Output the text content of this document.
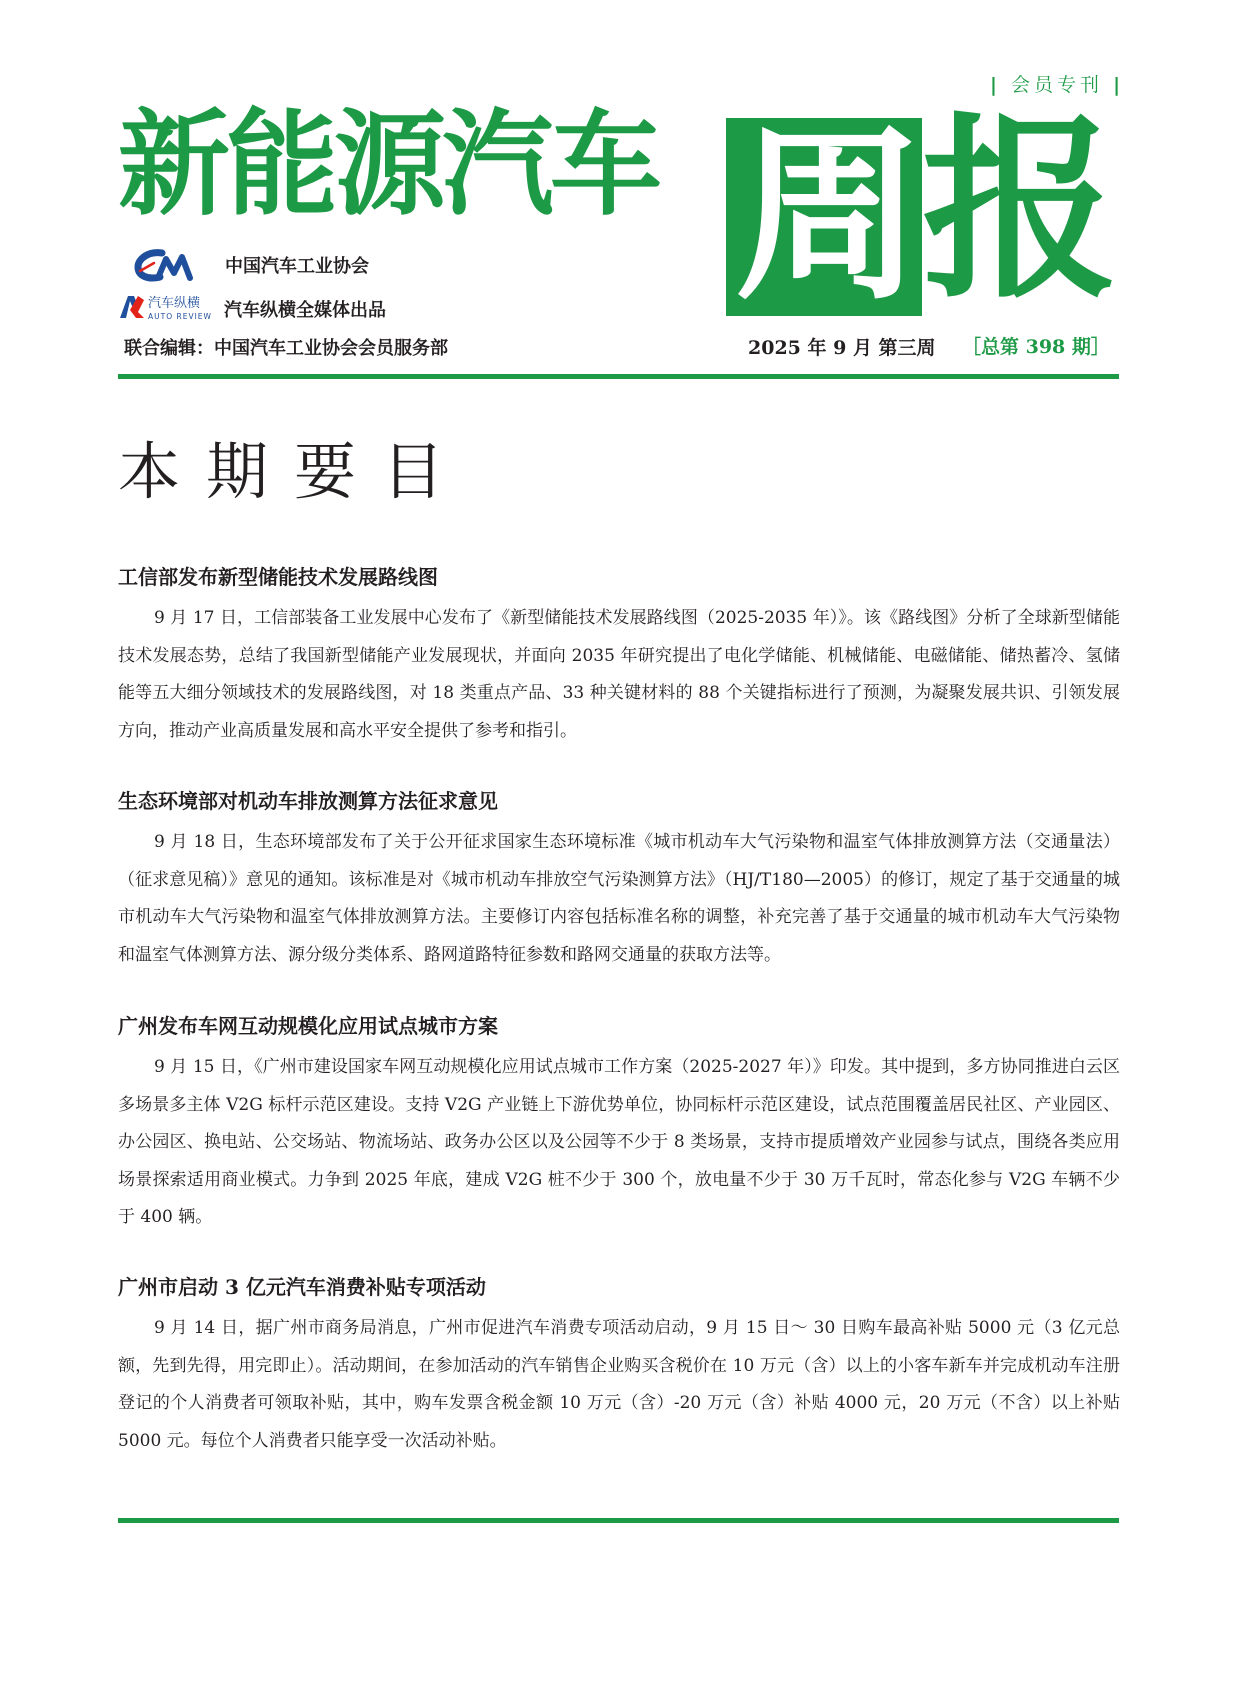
| 会员专刊 |
新能源汽车 周 报
中国汽车工业协会
汽车纵横
AUTO REVIEW 汽车纵横全媒体出品
联合编辑：中国汽车工业协会会员服务部	2025 年 9 月 第三周 ［总第 398 期］
本期要目
工信部发布新型储能技术发展路线图

9 月 17 日，工信部装备工业发展中心发布了《新型储能技术发展路线图（2025-2035 年）》。该《路线图》分析了全球新型储能技术发展态势，总结了我国新型储能产业发展现状，并面向 2035 年研究提出了电化学储能、机械储能、电磁储能、储热蓄冷、氢储能等五大细分领域技术的发展路线图，对 18 类重点产品、33 种关键材料的 88 个关键指标进行了预测，为凝聚发展共识、引领发展方向，推动产业高质量发展和高水平安全提供了参考和指引。

生态环境部对机动车排放测算方法征求意见

9 月 18 日，生态环境部发布了关于公开征求国家生态环境标准《城市机动车大气污染物和温室气体排放测算方法（交通量法）（征求意见稿）》意见的通知。该标准是对《城市机动车排放空气污染测算方法》（HJ/T180—2005）的修订，规定了基于交通量的城市机动车大气污染物和温室气体排放测算方法。主要修订内容包括标准名称的调整，补充完善了基于交通量的城市机动车大气污染物和温室气体测算方法、源分级分类体系、路网道路特征参数和路网交通量的获取方法等。

广州发布车网互动规模化应用试点城市方案

9 月 15 日，《广州市建设国家车网互动规模化应用试点城市工作方案（2025-2027 年）》印发。其中提到，多方协同推进白云区多场景多主体 V2G 标杆示范区建设。支持 V2G 产业链上下游优势单位，协同标杆示范区建设，试点范围覆盖居民社区、产业园区、办公园区、换电站、公交场站、物流场站、政务办公区以及公园等不少于 8 类场景，支持市提质增效产业园参与试点，围绕各类应用场景探索适用商业模式。力争到 2025 年底，建成 V2G 桩不少于 300 个，放电量不少于 30 万千瓦时，常态化参与 V2G 车辆不少于 400 辆。

广州市启动 3 亿元汽车消费补贴专项活动

9 月 14 日，据广州市商务局消息，广州市促进汽车消费专项活动启动，9 月 15 日～ 30 日购车最高补贴 5000 元（3 亿元总额，先到先得，用完即止）。活动期间，在参加活动的汽车销售企业购买含税价在 10 万元（含）以上的小客车新车并完成机动车注册登记的个人消费者可领取补贴，其中，购车发票含税金额 10 万元（含）-20 万元（含）补贴 4000 元，20 万元（不含）以上补贴 5000 元。每位个人消费者只能享受一次活动补贴。
